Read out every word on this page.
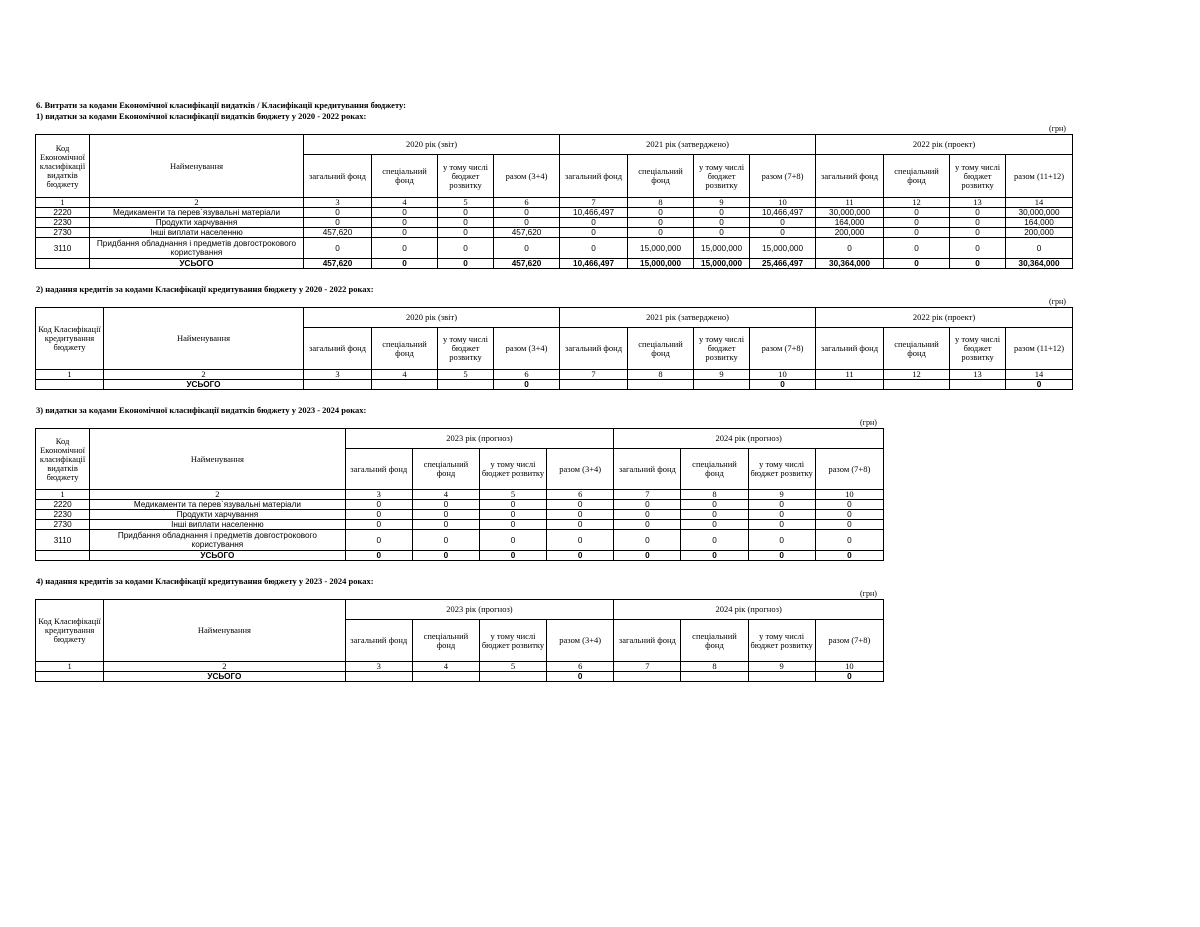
6. Витрати за кодами Економічної класифікації видатків / Класифікації кредитування бюджету:
1) видатки за кодами Економічної класифікації видатків бюджету у 2020 - 2022 роках:
(грн)
Код Економічної класифікації видатків бюджету	Найменування	2020 рік (звіт)				2021 рік (затверджено)				2022 рік (проект)			
		загальний фонд	спеціальний фонд	у тому числі бюджет розвитку	разом (3+4)	загальний фонд	спеціальний фонд	у тому числі бюджет розвитку	разом (7+8)	загальний фонд	спеціальний фонд	у тому числі бюджет розвитку	разом (11+12)
1	2	3	4	5	6	7	8	9	10	11	12	13	14
2220	Медикаменти та перев`язувальні матеріали	0	0	0	0	10,466,497	0	0	10,466,497	30,000,000	0	0	30,000,000
2230	Продукти харчування	0	0	0	0	0	0	0	0	164,000	0	0	164,000
2730	Інші виплати населенню	457,620	0	0	457,620	0	0	0	0	200,000	0	0	200,000
3110	Придбання обладнання і предметів довгострокового користування	0	0	0	0	0	15,000,000	15,000,000	15,000,000	0	0	0	0
	УСЬОГО	457,620	0	0	457,620	10,466,497	15,000,000	15,000,000	25,466,497	30,364,000	0	0	30,364,000
2) надання кредитів за кодами Класифікації кредитування бюджету у 2020 - 2022 роках:
(грн)
Код Класифікації кредитування бюджету	Найменування	2020 рік (звіт)				2021 рік (затверджено)				2022 рік (проект)			
		загальний фонд	спеціальний фонд	у тому числі бюджет розвитку	разом (3+4)	загальний фонд	спеціальний фонд	у тому числі бюджет розвитку	разом (7+8)	загальний фонд	спеціальний фонд	у тому числі бюджет розвитку	разом (11+12)
1	2	3	4	5	6	7	8	9	10	11	12	13	14
	УСЬОГО				0				0				0
3) видатки за кодами Економічної класифікації видатків бюджету у 2023 - 2024 роках:
(грн)
Код Економічної класифікації видатків бюджету	Найменування	2023 рік (прогноз)				2024 рік (прогноз)			
		загальний фонд	спеціальний фонд	у тому числі бюджет розвитку	разом (3+4)	загальний фонд	спеціальний фонд	у тому числі бюджет розвитку	разом (7+8)
1	2	3	4	5	6	7	8	9	10
2220	Медикаменти та перев`язувальні матеріали	0	0	0	0	0	0	0	0
2230	Продукти харчування	0	0	0	0	0	0	0	0
2730	Інші виплати населенню	0	0	0	0	0	0	0	0
3110	Придбання обладнання і предметів довгострокового користування	0	0	0	0	0	0	0	0
	УСЬОГО	0	0	0	0	0	0	0	0
4) надання кредитів за кодами Класифікації кредитування бюджету у 2023 - 2024 роках:
(грн)
Код Класифікації кредитування бюджету	Найменування	2023 рік (прогноз)				2024 рік (прогноз)			
		загальний фонд	спеціальний фонд	у тому числі бюджет розвитку	разом (3+4)	загальний фонд	спеціальний фонд	у тому числі бюджет розвитку	разом (7+8)
1	2	3	4	5	6	7	8	9	10
	УСЬОГО				0				0
